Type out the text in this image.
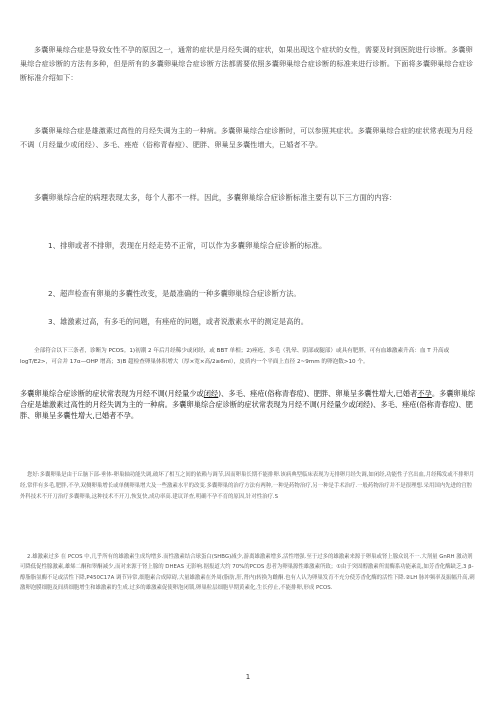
多囊卵巢综合症是导致女性不孕的原因之一，通常的症状是月经失调的症状，如果出现这个症状的女性，需要及时到医院进行诊断。多囊卵巢综合症诊断的方法有多种，但是所有的多囊卵巢综合症诊断方法都需要依照多囊卵巢综合症诊断的标准来进行诊断。下面将多囊卵巢综合症诊断标准介绍如下：

多囊卵巢综合症是雄激素过高性的月经失调为主的一种病。多囊卵巢综合症诊断时，可以参照其症状。多囊卵巢综合症的症状常表现为月经不调（月经量少或闭经）、多毛、痤疮（俗称青春痘）、肥胖、卵巢呈多囊性增大，已婚者不孕。

多囊卵巢综合症的病理表现太多，每个人都不一样。因此，多囊卵巢综合症诊断标准主要有以下三方面的内容：

1、排卵或者不排卵，表现在月经走势不正常，可以作为多囊卵巢综合症诊断的标准。

2、超声检查有卵巢的多囊性改变，是最准确的一种多囊卵巢综合症诊断方法。

3、雄激素过高，有多毛的问题，有痤疮的问题，或者说激素水平的测定是高的。

全部符合以下三条者，诊断为 PCOS。1)初潮 2 年后月经稀少或闭经，或 BBT 单相；2)痤疮，多毛（乳晕、阴部或腿部）或具有肥胖，可有血雄激素升高：血 T 升高或 logT/E2>，可合并 17α—OHP 增高；3)B 超检查卵巢体积增大（厚×宽×高/2≥6ml），皮质内一个平面上直径 2~9mm 的卵泡数>10 个。

多囊卵巢综合症诊断的症状常表现为月经不调(月经量少或闭经)、多毛、痤疮(俗称青春痘)、肥胖、卵巢呈多囊性增大,已婚者不孕。多囊卵巢综合症是雄激素过高性的月经失调为主的一种病。多囊卵巢综合症诊断的症状常表现为月经不调(月经量少或闭经)、多毛、痤疮(俗称青春痘)、肥胖、卵巢呈多囊性增大,已婚者不孕。

您好:多囊卵巢是由于丘脑下部-垂体-卵巢轴功能失调,破坏了相互之间的依赖与调节,因而卵巢长期不能排卵.该病典型临床表现为无排卵月经失调,如闭经,功能性子宫出血,月经稀发或不排卵月经,常伴有多毛,肥胖,不孕,双侧卵巢增长或单侧卵巢增大及一些激素水平的改变.多囊卵巢的治疗方法有两种,一种是药物治疗,另一种是手术治疗.一般药物治疗并不是很理想.采用国内先进的宫腔外科技术不开刀治疗多囊卵巢,这种技术不开刀,恢复快,成功率高.建议详查,明确不孕不育的原因,针对性治疗.S

2.雄激素过多 在 PCOS 中,几乎所有的雄激素生成均增多.而性激素结合球蛋白(SHBG)减少,游离雄激素增多,活性增强.至于过多的雄激素来源于卵巢或肾上腺众说不一.大剂量 GnRH 激动剂可降低促性腺激素,雄烯二酮和睾酮减少,而对来源于肾上腺的 DHEAS 无影响.据报道大约 70%的PCOS 患者为卵巢源性雄激素所致；①由于突固醇激素所需酶系功能紊乱,如芳香化酶缺乏,3 β-醇脂脂氢酶不足或活性下降,P450C17A 调节异常,细胞素合成障碍,大量雄激素在外周(脂肪,肝,肾内)转换为雌酮.也有人认为卵巢发育不充分使芳香化酶的活性下降.②LH 脉冲频率及振幅升高,刺激卵泡膜细胞及间质细胞增生和雄激素的生成.过多的雄激素促使卵泡闭锁,卵巢粒层细胞早期黄素化,生长停止,不能排卵,形成 PCOS.

1
